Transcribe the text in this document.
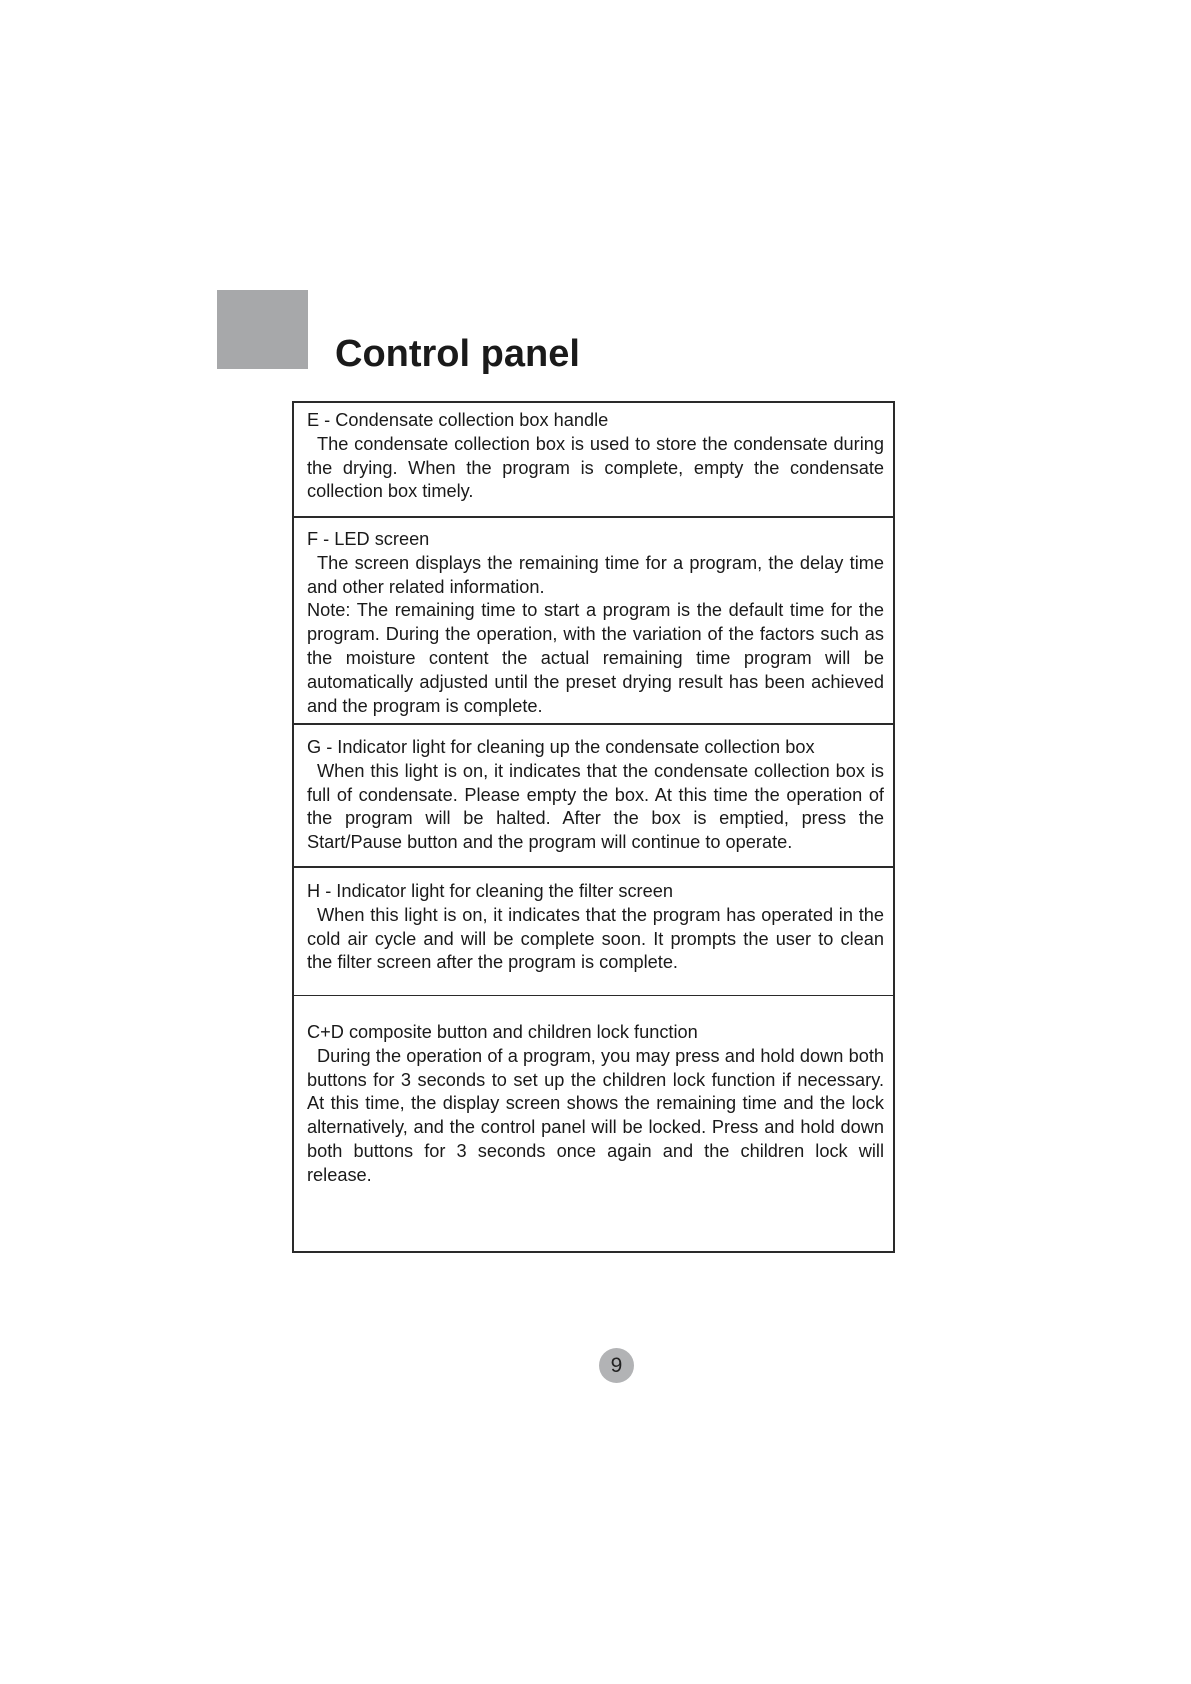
Control panel

E - Condensate collection box handle

The condensate collection box is used to store the condensate during the drying. When the program is complete, empty the condensate collection box timely.

F - LED screen

The screen displays the remaining time for a program, the delay time and other related information.

Note: The remaining time to start a program is the default time for the program. During the operation, with the variation of the factors such as the moisture content the actual remaining time program will be automatically adjusted until the preset drying result has been achieved and the program is complete.

G - Indicator light for cleaning up the condensate collection box

When this light is on, it indicates that the condensate collection box is full of condensate. Please empty the box. At this time the operation of the program will be halted. After the box is emptied, press the Start/Pause button and the program will continue to operate.

H - Indicator light for cleaning the filter screen

When this light is on, it indicates that the program has operated in the cold air cycle and will be complete soon. It prompts the user to clean the filter screen after the program is complete.

C+D composite button and children lock function

During the operation of a program, you may press and hold down both buttons for 3 seconds to set up the children lock function if necessary. At this time, the display screen shows the remaining time and the lock alternatively, and the control panel will be locked. Press and hold down both buttons for 3 seconds once again and the children lock will release.

9
